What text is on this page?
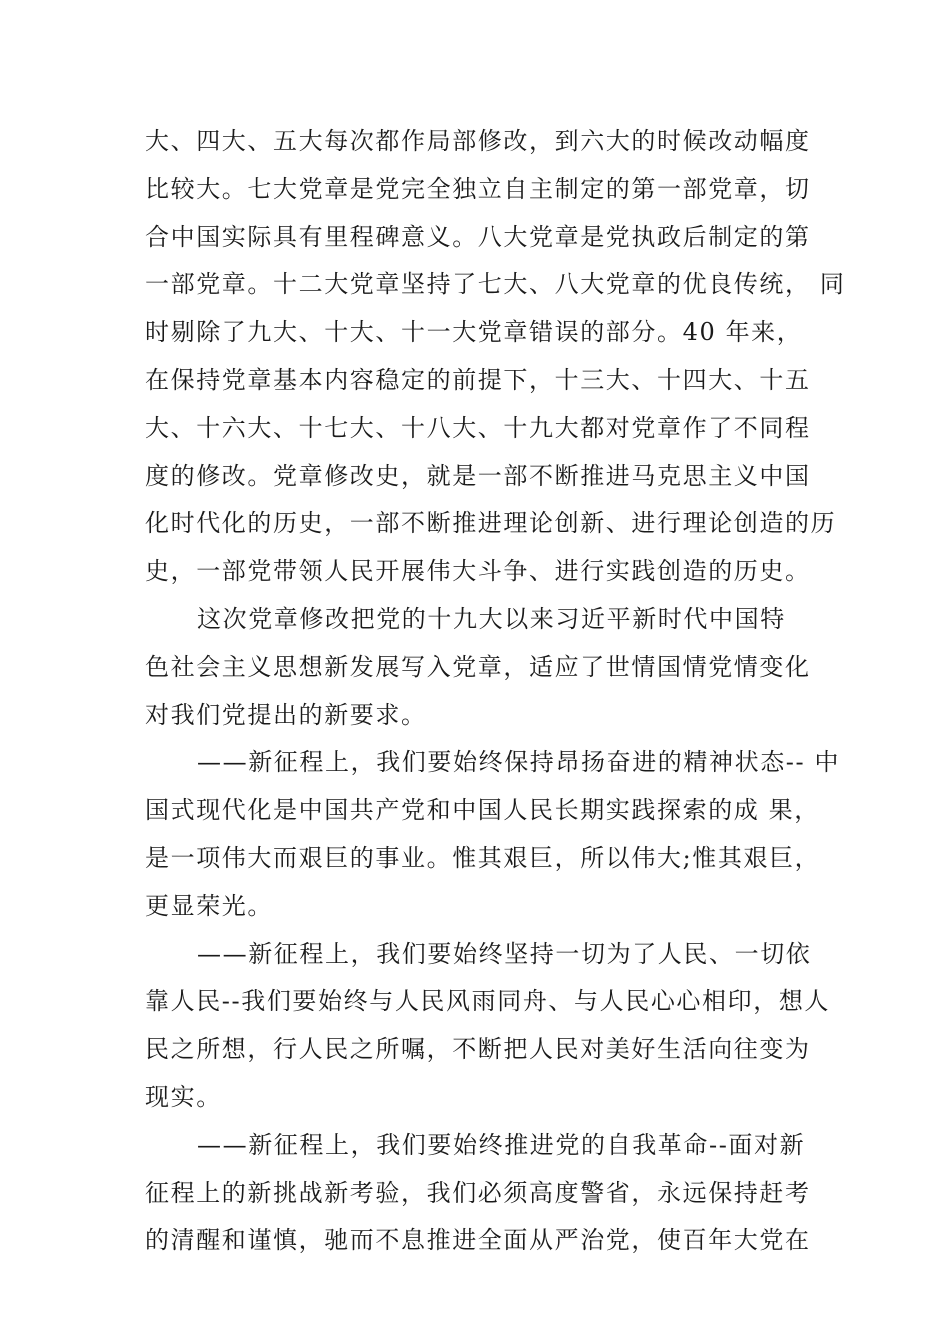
大、四大、五大每次都作局部修改，到六大的时候改动幅度
比较大。七大党章是党完全独立自主制定的第一部党章，切
合中国实际具有里程碑意义。八大党章是党执政后制定的第
一部党章。十二大党章坚持了七大、八大党章的优良传统， 同
时剔除了九大、十大、十一大党章错误的部分。40 年来，
在保持党章基本内容稳定的前提下，十三大、十四大、十五
大、十六大、十七大、十八大、十九大都对党章作了不同程
度的修改。党章修改史，就是一部不断推进马克思主义中国
化时代化的历史，一部不断推进理论创新、进行理论创造的历
史，一部党带领人民开展伟大斗争、进行实践创造的历史。
这次党章修改把党的十九大以来习近平新时代中国特
色社会主义思想新发展写入党章，适应了世情国情党情变化
对我们党提出的新要求。
——新征程上，我们要始终保持昂扬奋进的精神状态-- 中
国式现代化是中国共产党和中国人民长期实践探索的成 果，
是一项伟大而艰巨的事业。惟其艰巨，所以伟大;惟其艰巨，
更显荣光。
——新征程上，我们要始终坚持一切为了人民、一切依
靠人民--我们要始终与人民风雨同舟、与人民心心相印，想人
民之所想，行人民之所嘱，不断把人民对美好生活向往变为
现实。
——新征程上，我们要始终推进党的自我革命--面对新
征程上的新挑战新考验，我们必须高度警省，永远保持赶考
的清醒和谨慎，驰而不息推进全面从严治党，使百年大党在
